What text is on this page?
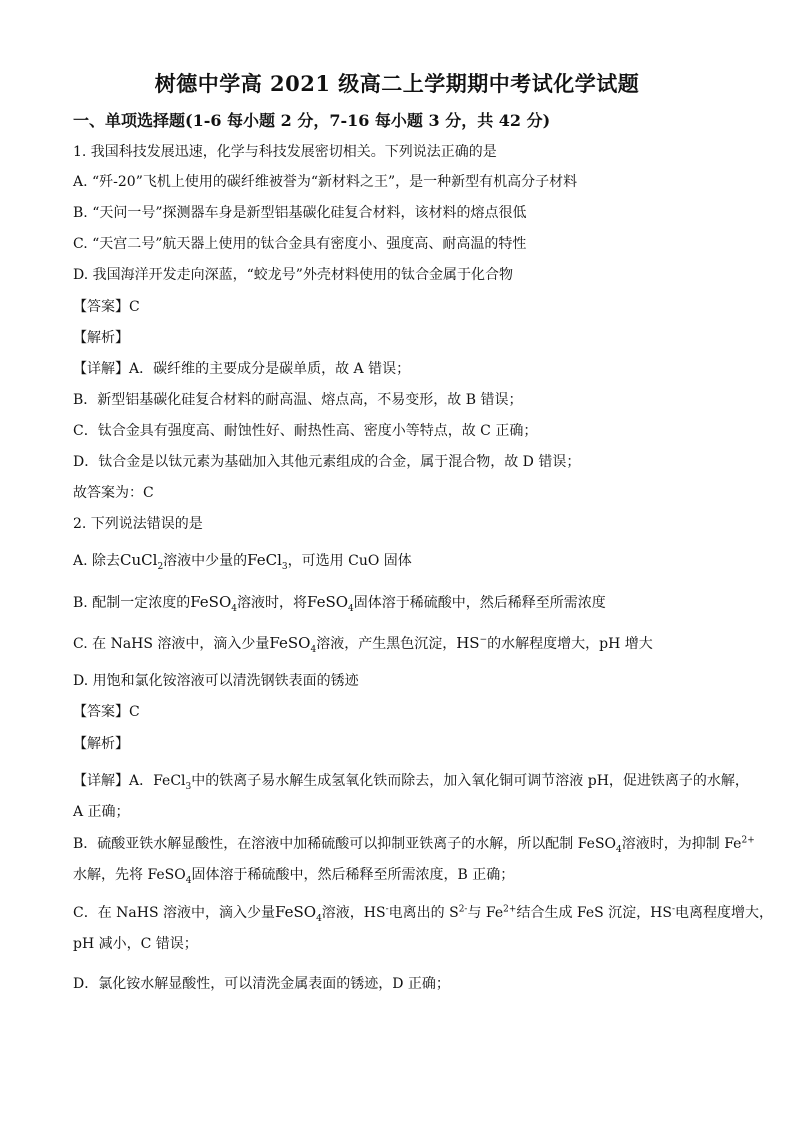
树德中学高 2021 级高二上学期期中考试化学试题
一、单项选择题(1-6 每小题 2 分，7-16 每小题 3 分，共 42 分)
1. 我国科技发展迅速，化学与科技发展密切相关。下列说法正确的是
A. “歼-20”飞机上使用的碳纤维被誉为“新材料之王”，是一种新型有机高分子材料
B. “天问一号”探测器车身是新型铝基碳化硅复合材料，该材料的熔点很低
C. “天宫二号”航天器上使用的钛合金具有密度小、强度高、耐高温的特性
D. 我国海洋开发走向深蓝，“蛟龙号”外壳材料使用的钛合金属于化合物
【答案】C
【解析】
【详解】A．碳纤维的主要成分是碳单质，故 A 错误；
B．新型铝基碳化硅复合材料的耐高温、熔点高，不易变形，故 B 错误；
C．钛合金具有强度高、耐蚀性好、耐热性高、密度小等特点，故 C 正确；
D．钛合金是以钛元素为基础加入其他元素组成的合金，属于混合物，故 D 错误；
故答案为：C
2. 下列说法错误的是
A. 除去CuCl$_2$溶液中少量的FeCl$_3$，可选用 CuO 固体
B. 配制一定浓度的FeSO$_4$溶液时，将FeSO$_4$固体溶于稀硫酸中，然后稀释至所需浓度
C. 在 NaHS 溶液中，滴入少量FeSO$_4$溶液，产生黑色沉淀，HS−的水解程度增大，pH 增大
D. 用饱和氯化铵溶液可以清洗钢铁表面的锈迹
【答案】C
【解析】
【详解】A．FeCl$_3$中的铁离子易水解生成氢氧化铁而除去，加入氧化铜可调节溶液 pH，促进铁离子的水解，
A 正确；
B．硫酸亚铁水解显酸性，在溶液中加稀硫酸可以抑制亚铁离子的水解，所以配制 FeSO$_4$溶液时，为抑制 $Fe^{2+}$
水解，先将 FeSO$_4$固体溶于稀硫酸中，然后稀释至所需浓度，B 正确；
C．在 NaHS 溶液中，滴入少量FeSO$_4$溶液，HS-电离出的 $S^{2-}$与 $Fe^{2+}$结合生成 FeS 沉淀，HS-电离程度增大，
pH 减小，C 错误；
D．氯化铵水解显酸性，可以清洗金属表面的锈迹，D 正确；
